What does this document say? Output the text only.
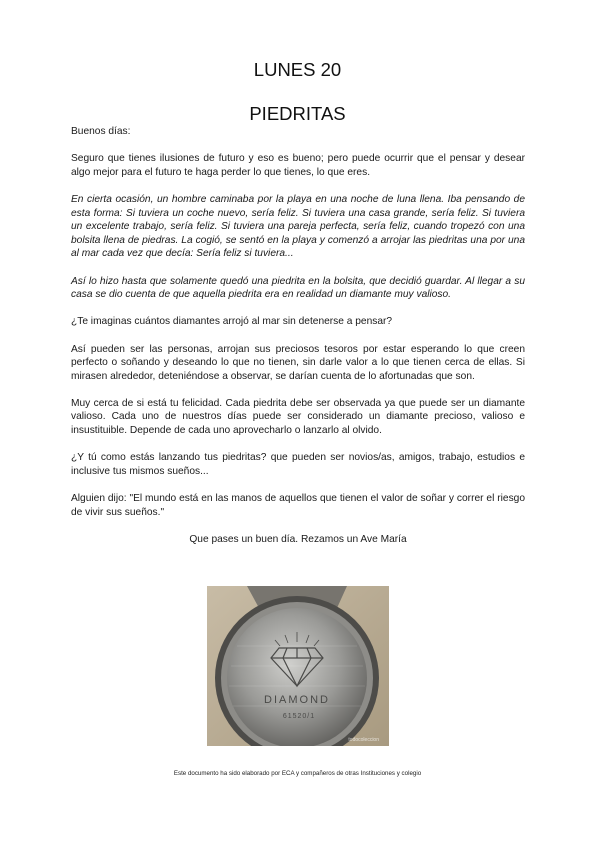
LUNES 20
PIEDRITAS

Buenos días:

Seguro que tienes ilusiones de futuro y eso es bueno; pero puede ocurrir que el pensar y desear algo mejor para el futuro te haga perder lo que tienes, lo que eres.

En cierta ocasión, un hombre caminaba por la playa en una noche de luna llena. Iba pensando de esta forma: Si tuviera un coche nuevo, sería feliz. Si tuviera una casa grande, sería feliz. Si tuviera un excelente trabajo, sería feliz. Si tuviera una pareja perfecta, sería feliz, cuando tropezó con una bolsita llena de piedras. La cogió, se sentó en la playa y comenzó a arrojar las piedritas una por una al mar cada vez que decía: Sería feliz si tuviera...

Así lo hizo hasta que solamente quedó una piedrita en la bolsita, que decidió guardar. Al llegar a su casa se dio cuenta de que aquella piedrita era en realidad un diamante muy valioso.

¿Te imaginas cuántos diamantes arrojó al mar sin detenerse a pensar?

Así pueden ser las personas, arrojan sus preciosos tesoros por estar esperando lo que creen perfecto o soñando y deseando lo que no tienen, sin darle valor a lo que tienen cerca de ellas. Si mirasen alrededor, deteniéndose a observar, se darían cuenta de lo afortunadas que son.

Muy cerca de si está tu felicidad. Cada piedrita debe ser observada ya que puede ser un diamante valioso. Cada uno de nuestros días puede ser considerado un diamante precioso, valioso e insustituible. Depende de cada uno aprovecharlo o lanzarlo al olvido.

¿Y tú como estás lanzando tus piedritas? que pueden ser novios/as, amigos, trabajo, estudios e inclusive tus mismos sueños...

Alguien dijo: "El mundo está en las manos de aquellos que tienen el valor de soñar y correr el riesgo de vivir sus sueños."

Que pases un buen día. Rezamos un Ave María

DIAMOND
61520/1
todocoleccion
Este documento ha sido elaborado por ECA y compañeros de otras Instituciones y colegio
